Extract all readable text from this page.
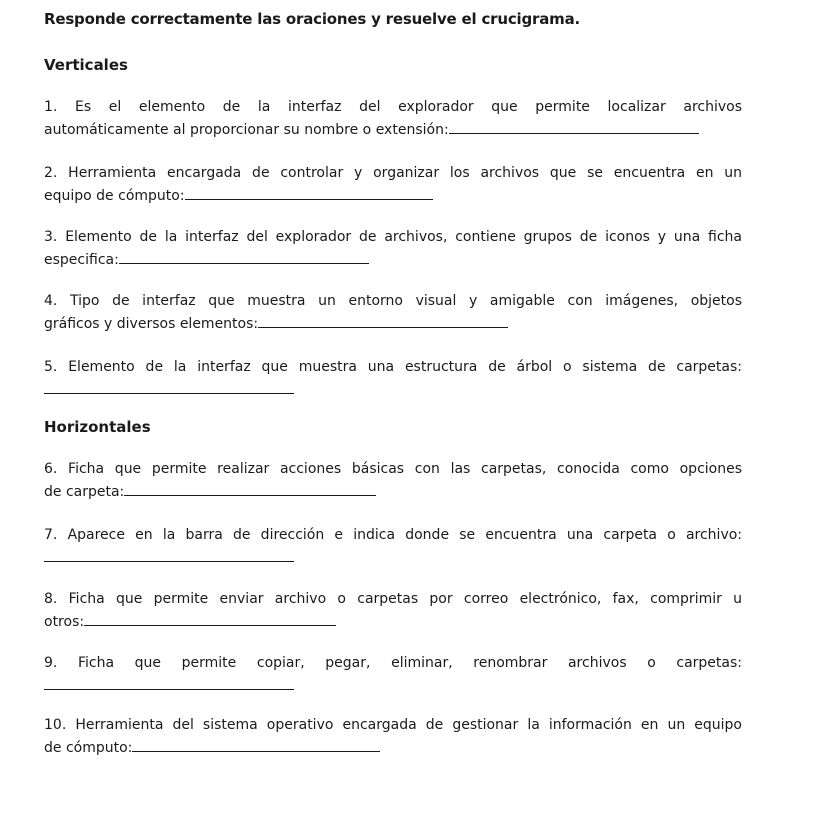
Responde correctamente las oraciones y resuelve el crucigrama.
Verticales
1. Es el elemento de la interfaz del explorador que permite localizar archivos
automáticamente al proporcionar su nombre o extensión:
2. Herramienta encargada de controlar y organizar los archivos que se encuentra en un
equipo de cómputo:
3. Elemento de la interfaz del explorador de archivos, contiene grupos de iconos y una ficha
especifica:
4. Tipo de interfaz que muestra un entorno visual y amigable con imágenes, objetos
gráficos y diversos elementos:
5. Elemento de la interfaz que muestra una estructura de árbol o sistema de carpetas:
Horizontales
6. Ficha que permite realizar acciones básicas con las carpetas, conocida como opciones
de carpeta:
7. Aparece en la barra de dirección e indica donde se encuentra una carpeta o archivo:
8. Ficha que permite enviar archivo o carpetas por correo electrónico, fax, comprimir u
otros:
9. Ficha que permite copiar, pegar, eliminar, renombrar archivos o carpetas:
10. Herramienta del sistema operativo encargada de gestionar la información en un equipo
de cómputo:
